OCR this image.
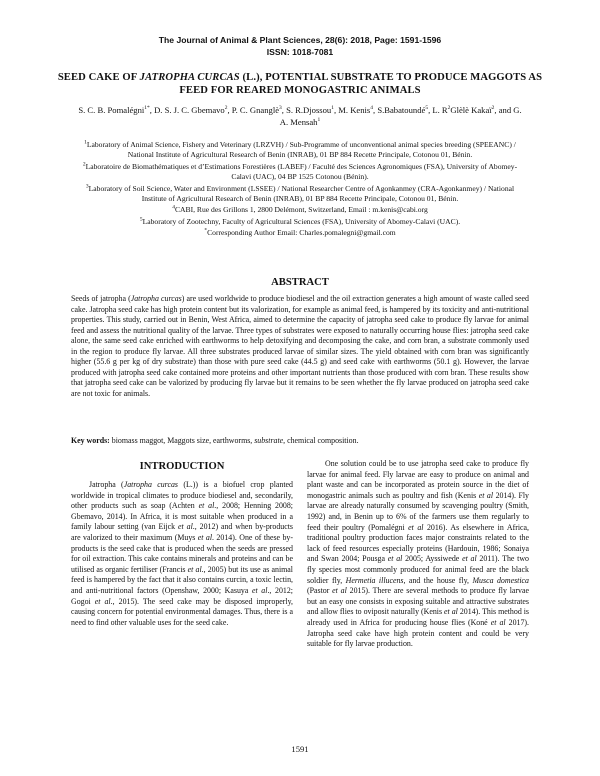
The Journal of Animal & Plant Sciences, 28(6): 2018, Page: 1591-1596
ISSN: 1018-7081
SEED CAKE OF JATROPHA CURCAS (L.), POTENTIAL SUBSTRATE TO PRODUCE MAGGOTS AS FEED FOR REARED MONOGASTRIC ANIMALS
S. C. B. Pomalégni$^{1*}$, D. S. J. C. Gbemavo$^2$, P. C. Gnanglè$^3$, S. R.Djossou$^1$, M. Kenis$^4$, S.Babatoundé$^5$, L. $R^2Glèlè$ Kakaï$^2$, and G. A. Mensah$^1$

$^1$Laboratory of Animal Science, Fishery and Veterinary (LRZVH) / Sub-Programme of unconventional animal species breeding (SPEEANC) / National Institute of Agricultural Research of Benin (INRAB), 01 BP 884 Recette Principale, Cotonou 01, Bénin.

$^2$Laboratoire de Biomathématiques et d’Estimations Forestières (LABEF) / Faculté des Sciences Agronomiques (FSA), University of Abomey-Calavi (UAC), 04 BP 1525 Cotonou (Bénin).

$^3$Laboratory of Soil Science, Water and Environment (LSSEE) / National Researcher Centre of Agonkanmey (CRA-Agonkanmey) / National Institute of Agricultural Research of Benin (INRAB), 01 BP 884 Recette Principale, Cotonou 01, Bénin.

$^4$CABI, Rue des Grillons 1, 2800 Delémont, Switzerland, Email : m.kenis@cabi.org

$^5$Laboratory of Zootechny, Faculty of Agricultural Sciences (FSA), University of Abomey-Calavi (UAC).

*Corresponding Author Email: Charles.pomalegni@gmail.com

ABSTRACT
Seeds of jatropha (Jatropha curcas) are used worldwide to produce biodiesel and the oil extraction generates a high amount of waste called seed cake. Jatropha seed cake has high protein content but its valorization, for example as animal feed, is hampered by its toxicity and anti-nutritional properties. This study, carried out in Benin, West Africa, aimed to determine the capacity of jatropha seed cake to produce fly larvae for animal feed and assess the nutritional quality of the larvae. Three types of substrates were exposed to naturally occurring house flies: jatropha seed cake alone, the same seed cake enriched with earthworms to help detoxifying and decomposing the cake, and corn bran, a substrate commonly used in the region to produce fly larvae. All three substrates produced larvae of similar sizes. The yield obtained with corn bran was significantly higher (55.6 g per kg of dry substrate) than those with pure seed cake (44.5 g) and seed cake with earthworms (50.1 g). However, the larvae produced with jatropha seed cake contained more proteins and other important nutrients than those produced with corn bran. These results show that jatropha seed cake can be valorized by producing fly larvae but it remains to be seen whether the fly larvae produced on jatropha seed cake are not toxic for animals.
Key words: biomass maggot, Maggots size, earthworms, substrate, chemical composition.
INTRODUCTION

Jatropha (Jatropha curcas (L.)) is a biofuel crop planted worldwide in tropical climates to produce biodiesel and, secondarily, other products such as soap (Achten et al., 2008; Henning 2008; Gbemavo, 2014). In Africa, it is most suitable when produced in a family labour setting (van Eijck et al., 2012) and when by-products are valorized to their maximum (Muys et al. 2014). One of these by-products is the seed cake that is produced when the seeds are pressed for oil extraction. This cake contains minerals and proteins and can be utilised as organic fertiliser (Francis et al., 2005) but its use as animal feed is hampered by the fact that it also contains curcin, a toxic lectin, and anti-nutritional factors (Openshaw, 2000; Kasuya et al., 2012; Gogoi et al., 2015). The seed cake may be disposed improperly, causing concern for potential environmental damages. Thus, there is a need to find other valuable uses for the seed cake.

One solution could be to use jatropha seed cake to produce fly larvae for animal feed. Fly larvae are easy to produce on animal and plant waste and can be incorporated as protein source in the diet of monogastric animals such as poultry and fish (Kenis et al 2014). Fly larvae are already naturally consumed by scavenging poultry (Smith, 1992) and, in Benin up to 6% of the farmers use them regularly to feed their poultry (Pomalégni et al 2016). As elsewhere in Africa, traditional poultry production faces major constraints related to the lack of feed resources especially proteins (Hardouin, 1986; Sonaiya and Swan 2004; Pousga et al 2005; Ayssiwede et al 2011). The two fly species most commonly produced for animal feed are the black soldier fly, Hermetia illucens, and the house fly, Musca domestica (Pastor et al 2015). There are several methods to produce fly larvae but an easy one consists in exposing suitable and attractive substrates and allow flies to oviposit naturally (Kenis et al 2014). This method is already used in Africa for producing house flies (Koné et al 2017). Jatropha seed cake have high protein content and could be very suitable for fly larvae production.

1591
